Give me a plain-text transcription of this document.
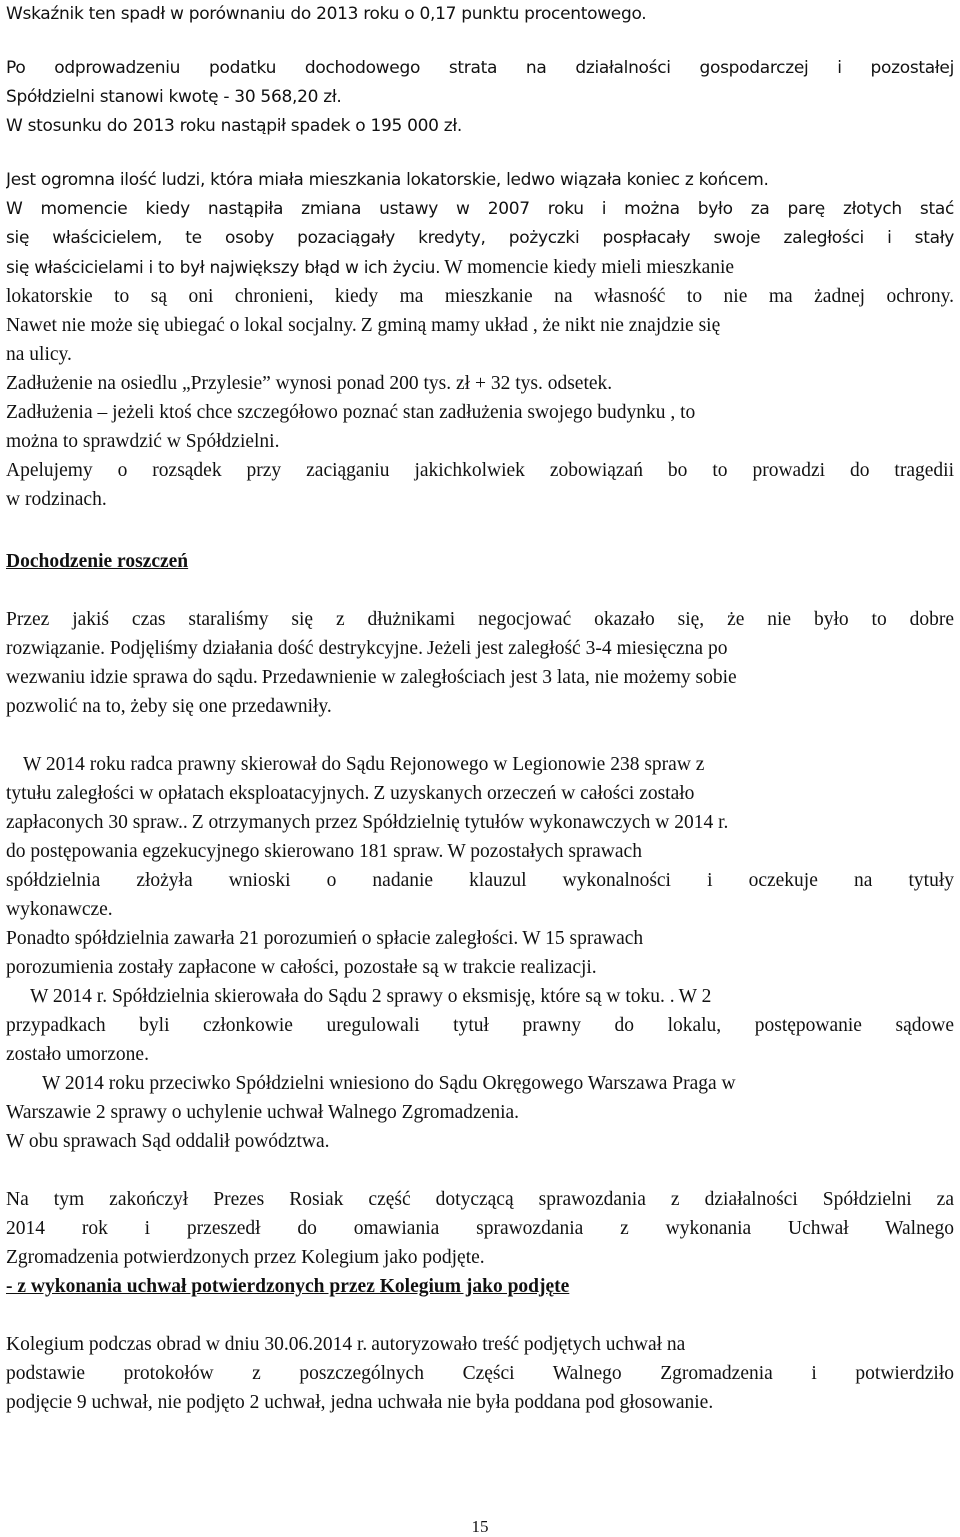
Wskaźnik ten spadł w porównaniu do 2013 roku o 0,17 punktu procentowego.
Po odprowadzeniu podatku dochodowego strata na działalności gospodarczej i pozostałej
Spółdzielni stanowi kwotę - 30 568,20 zł.
W stosunku do 2013 roku nastąpił spadek o 195 000 zł.
Jest ogromna ilość ludzi, która miała mieszkania lokatorskie, ledwo wiązała koniec z końcem.
W momencie kiedy nastąpiła zmiana ustawy w 2007 roku i można było za parę złotych stać
się właścicielem, te osoby pozaciągały kredyty, pożyczki pospłacały swoje zaległości i stały
się właścicielami i to był największy błąd w ich życiu. W momencie kiedy mieli mieszkanie
lokatorskie to są oni chronieni, kiedy ma mieszkanie na własność to nie ma żadnej ochrony.
Nawet nie może się ubiegać o lokal socjalny. Z gminą mamy układ , że nikt nie znajdzie się
na ulicy.
Zadłużenie na osiedlu „Przylesie” wynosi ponad 200 tys. zł + 32 tys. odsetek.
Zadłużenia – jeżeli ktoś chce szczegółowo poznać stan zadłużenia swojego budynku , to
można to sprawdzić w Spółdzielni.
Apelujemy o rozsądek przy zaciąganiu jakichkolwiek zobowiązań bo to prowadzi do tragedii
w rodzinach.
Dochodzenie roszczeń
Przez jakiś czas staraliśmy się z dłużnikami negocjować okazało się, że nie było to dobre
rozwiązanie. Podjęliśmy działania dość destrykcyjne. Jeżeli jest zaległość 3-4 miesięczna po
wezwaniu idzie sprawa do sądu. Przedawnienie w zaległościach jest 3 lata, nie możemy sobie
pozwolić na to, żeby się one przedawniły.
W 2014 roku radca prawny skierował do Sądu Rejonowego w Legionowie 238 spraw z
tytułu zaległości w opłatach eksploatacyjnych. Z uzyskanych orzeczeń w całości zostało
zapłaconych 30 spraw.. Z otrzymanych przez Spółdzielnię tytułów wykonawczych w 2014 r.
do postępowania egzekucyjnego skierowano 181 spraw. W pozostałych sprawach
spółdzielnia złożyła wnioski o nadanie klauzul wykonalności i oczekuje na tytuły
wykonawcze.
Ponadto spółdzielnia zawarła 21 porozumień o spłacie zaległości. W 15 sprawach
porozumienia zostały zapłacone w całości, pozostałe są w trakcie realizacji.
W 2014 r. Spółdzielnia skierowała do Sądu 2 sprawy o eksmisję, które są w toku. . W 2
przypadkach byli członkowie uregulowali tytuł prawny do lokalu, postępowanie sądowe
zostało umorzone.
W 2014 roku przeciwko Spółdzielni wniesiono do Sądu Okręgowego Warszawa Praga w
Warszawie 2 sprawy o uchylenie uchwał Walnego Zgromadzenia.
W obu sprawach Sąd oddalił powództwa.
Na tym zakończył Prezes Rosiak część dotyczącą sprawozdania z działalności Spółdzielni za
2014 rok i przeszedł do omawiania sprawozdania z wykonania Uchwał Walnego
Zgromadzenia potwierdzonych przez Kolegium jako podjęte.
- z wykonania uchwał potwierdzonych przez Kolegium jako podjęte
Kolegium podczas obrad w dniu 30.06.2014 r. autoryzowało treść podjętych uchwał na
podstawie protokołów z poszczególnych Części Walnego Zgromadzenia i potwierdziło
podjęcie 9 uchwał, nie podjęto 2 uchwał, jedna uchwała nie była poddana pod głosowanie.
15
